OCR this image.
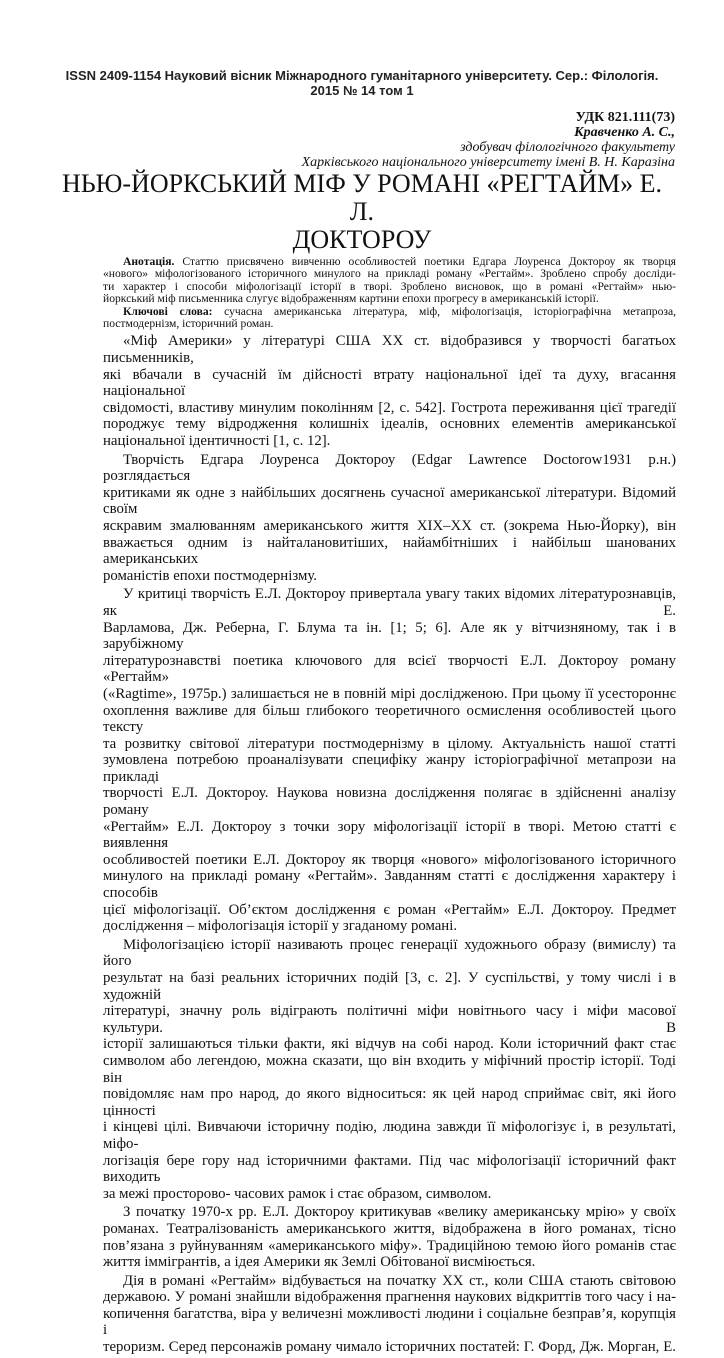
ISSN 2409-1154 Науковий вісник Міжнародного гуманітарного університету. Сер.: Філологія.
2015 № 14 том 1
УДК 821.111(73)
Кравченко А. С.,
здобувач філологічного факультету
Харківського національного університету імені В. Н. Каразіна
НЬЮ-ЙОРКСЬКИЙ МІФ У РОМАНІ «РЕГТАЙМ» Е. Л.
ДОКТОРОУ
Анотація. Статтю присвячено вивченню особливостей поетики Едгара Лоуренса Доктороу як творця
«нового» міфологізованого історичного минулого на прикладі роману «Регтайм». Зроблено спробу досліди-
ти характер і способи міфологізації історії в творі. Зроблено висновок, що в романі «Регтайм» нью-
йоркський міф письменника слугує відображенням картини епохи прогресу в американській історії.
Ключові слова: сучасна американська література, міф, міфологізація, історіографічна метапроза,
постмодернізм, історичний роман.
«Міф Америки» у літературі США ХХ ст. відобразився у творчості багатьох письменників,
які вбачали в сучасній їм дійсності втрату національної ідеї та духу, вгасання національної
свідомості, властиву минулим поколінням [2, с. 542]. Гострота переживання цієї трагедії
породжує тему відродження колишніх ідеалів, основних елементів американської
національної ідентичності [1, с. 12].
Творчість Едгара Лоуренса Доктороу (Edgar Lawrence Doctorow1931 р.н.) розглядається
критиками як одне з найбільших досягнень сучасної американської літератури. Відомий своїм
яскравим змалюванням американського життя XIX–XX ст. (зокрема Нью-Йорку), він
вважається одним із найталановитіших, найамбітніших і найбільш шанованих американських
романістів епохи постмодернізму.
У критиці творчість Е.Л. Доктороу привертала увагу таких відомих літературознавців, як Е.
Варламова, Дж. Реберна, Г. Блума та ін. [1; 5; 6]. Але як у вітчизняному, так і в зарубіжному
літературознавстві поетика ключового для всієї творчості Е.Л. Доктороу роману «Регтайм»
(«Ragtime», 1975р.) залишається не в повній мірі дослідженою. При цьому її усестороннє
охоплення важливе для більш глибокого теоретичного осмислення особливостей цього тексту
та розвитку світової літератури постмодернізму в цілому. Актуальність нашої статті
зумовлена потребою проаналізувати специфіку жанру історіографічної метапрози на прикладі
творчості Е.Л. Доктороу. Наукова новизна дослідження полягає в здійсненні аналізу роману
«Регтайм» Е.Л. Доктороу з точки зору міфологізації історії в творі. Метою статті є виявлення
особливостей поетики Е.Л. Доктороу як творця «нового» міфологізованого історичного
минулого на прикладі роману «Регтайм». Завданням статті є дослідження характеру і способів
цієї міфологізації. Об’єктом дослідження є роман «Регтайм» Е.Л. Доктороу. Предмет
дослідження – міфологізація історії у згаданому романі.
Міфологізацією історії називають процес генерації художнього образу (вимислу) та його
результат на базі реальних історичних подій [3, с. 2]. У суспільстві, у тому числі і в художній
літературі, значну роль відіграють політичні міфи новітнього часу і міфи масової культури. В
історії залишаються тільки факти, які відчув на собі народ. Коли історичний факт стає
символом або легендою, можна сказати, що він входить у міфічний простір історії. Тоді він
повідомляє нам про народ, до якого відноситься: як цей народ сприймає світ, які його цінності
і кінцеві цілі. Вивчаючи історичну подію, людина завжди її міфологізує і, в результаті, міфо-
логізація бере гору над історичними фактами. Під час міфологізації історичний факт виходить
за межі просторово- часових рамок і стає образом, символом.
З початку 1970-х рр. Е.Л. Доктороу критикував «велику американську мрію» у своїх
романах. Театралізованість американського життя, відображена в його романах, тісно
пов’язана з руйнуванням «американського міфу». Традиційною темою його романів стає
життя іммігрантів, а ідея Америки як Землі Обітованої висміюється.
Дія в романі «Регтайм» відбувається на початку XX ст., коли США стають світовою
державою. У романі знайшли відображення прагнення наукових відкриттів того часу і на-
копичення багатства, віра у величезні можливості людини і соціальне безправ’я, корупція і
тероризм. Серед персонажів роману чимало історичних постатей: Г. Форд, Дж. Морган, Е.
